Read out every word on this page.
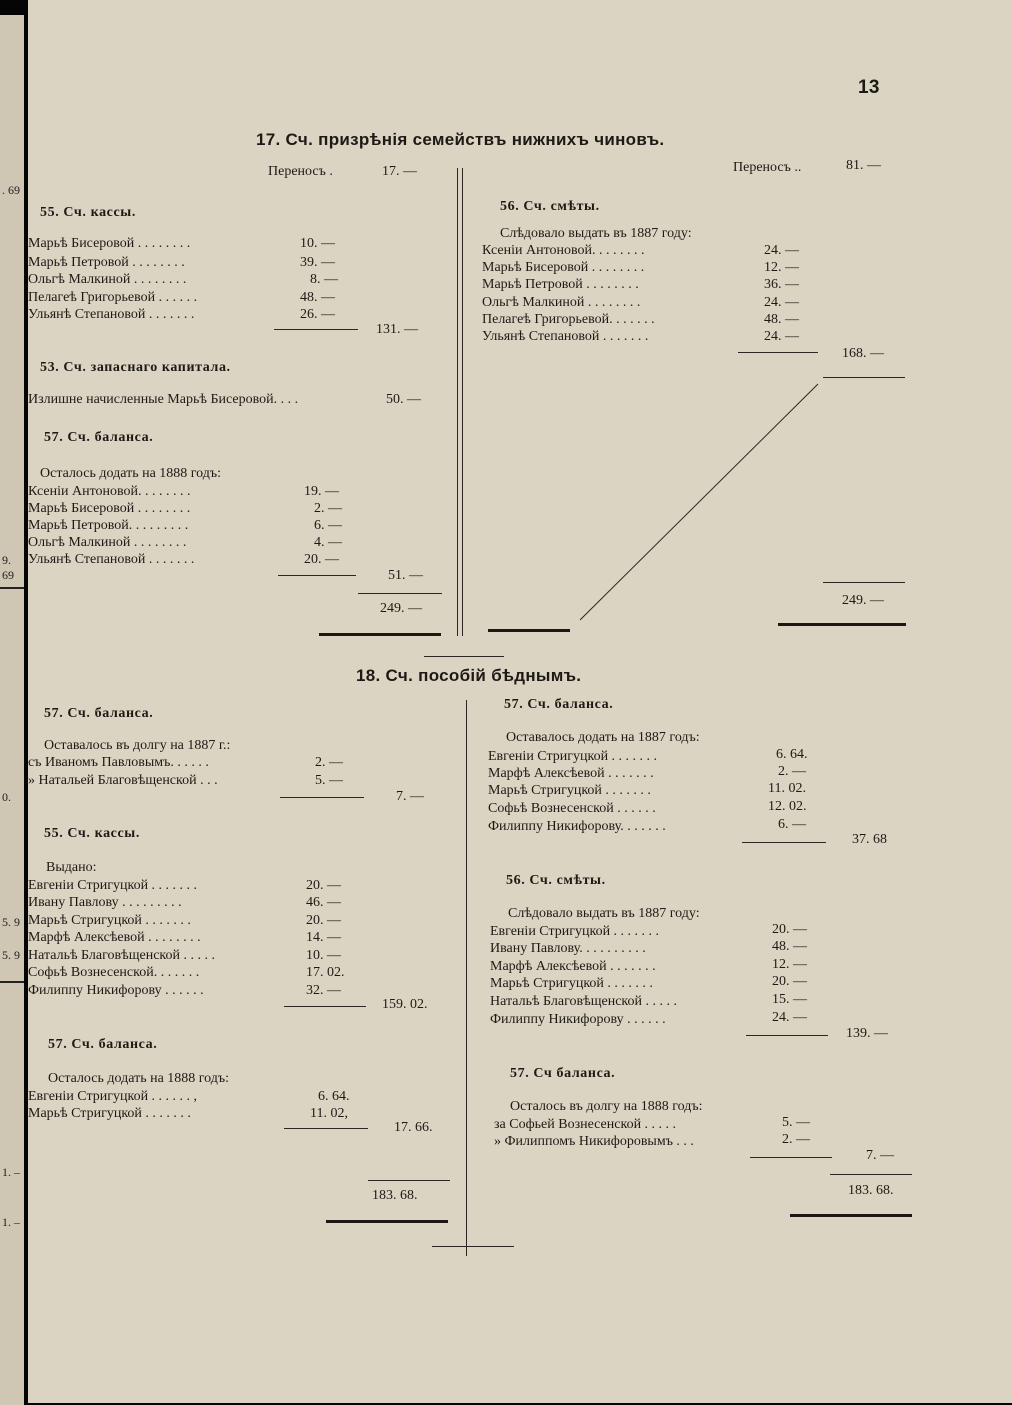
. 69
9. 69
0.
5. 9
5. 9
1. –
1. –
13
17. Сч. призрѣнія семействъ нижнихъ чиновъ.
Переносъ .	17. —
55. Сч. кассы.
Марьѣ Бисеровой . . . . . . . .	10. —
Марьѣ Петровой . . . . . . . .	39. —
Ольгѣ Малкиной . . . . . . . .	8. —
Пелагеѣ Григорьевой . . . . . .	48. —
Ульянѣ Степановой . . . . . . .	26. —
131. —
53. Сч. запаснаго капитала.
Излишне начисленные Марьѣ Бисеровой. . . .	50. —
57. Сч. баланса.
Осталось додать на 1888 годъ:
Ксеніи Антоновой. . . . . . . .	19. —
Марьѣ Бисеровой . . . . . . . .	2. —
Марьѣ Петровой. . . . . . . . .	6. —
Ольгѣ Малкиной . . . . . . . .	4. —
Ульянѣ Степановой . . . . . . .	20. —
51. —
249. —
Переносъ ..	81. —
56. Сч. смѣты.
Слѣдовало выдать въ 1887 году:
Ксеніи Антоновой. . . . . . . .	24. —
Марьѣ Бисеровой . . . . . . . .	12. —
Марьѣ Петровой . . . . . . . .	36. —
Ольгѣ Малкиной . . . . . . . .	24. —
Пелагеѣ Григорьевой. . . . . . .	48. —
Ульянѣ Степановой . . . . . . .	24. —
168. —
249. —
18. Сч. пособій бѣднымъ.
57. Сч. баланса.
Оставалось въ долгу на 1887 г.:
съ Иваномъ Павловымъ. . . . . .	2. —
» Натальей Благовѣщенской . . .	5. —
7. —
55. Сч. кассы.
Выдано:
Евгеніи Стригуцкой . . . . . . .	20. —
Ивану Павлову . . . . . . . . .	46. —
Марьѣ Стригуцкой . . . . . . .	20. —
Марфѣ Алексѣевой . . . . . . . .	14. —
Натальѣ Благовѣщенской . . . . .	10. —
Софьѣ Вознесенской. . . . . . .	17. 02.
Филиппу Никифорову . . . . . .	32. —
159. 02.
57. Сч. баланса.
Осталось додать на 1888 годъ:
Евгеніи Стригуцкой . . . . . . ,	6. 64.
Марьѣ Стригуцкой . . . . . . .	11. 02,
17. 66.
183. 68.
57. Сч. баланса.
Оставалось додать на 1887 годъ:
Евгеніи Стригуцкой . . . . . . .	6. 64.
Марфѣ Алексѣевой . . . . . . .	2. —
Марьѣ Стригуцкой . . . . . . .	11. 02.
Софьѣ Вознесенской . . . . . .	12. 02.
Филиппу Никифорову. . . . . . .	6. —
37. 68
56. Сч. смѣты.
Слѣдовало выдать въ 1887 году:
Евгеніи Стригуцкой . . . . . . .	20. —
Ивану Павлову. . . . . . . . . .	48. —
Марфѣ Алексѣевой . . . . . . .	12. —
Марьѣ Стригуцкой . . . . . . .	20. —
Натальѣ Благовѣщенской . . . . .	15. —
Филиппу Никифорову . . . . . .	24. —
139. —
57. Сч баланса.
Осталось въ долгу на 1888 годъ:
за Софьей Вознесенской . . . . .	5. —
» Филиппомъ Никифоровымъ . . .	2. —
7. —
183. 68.
